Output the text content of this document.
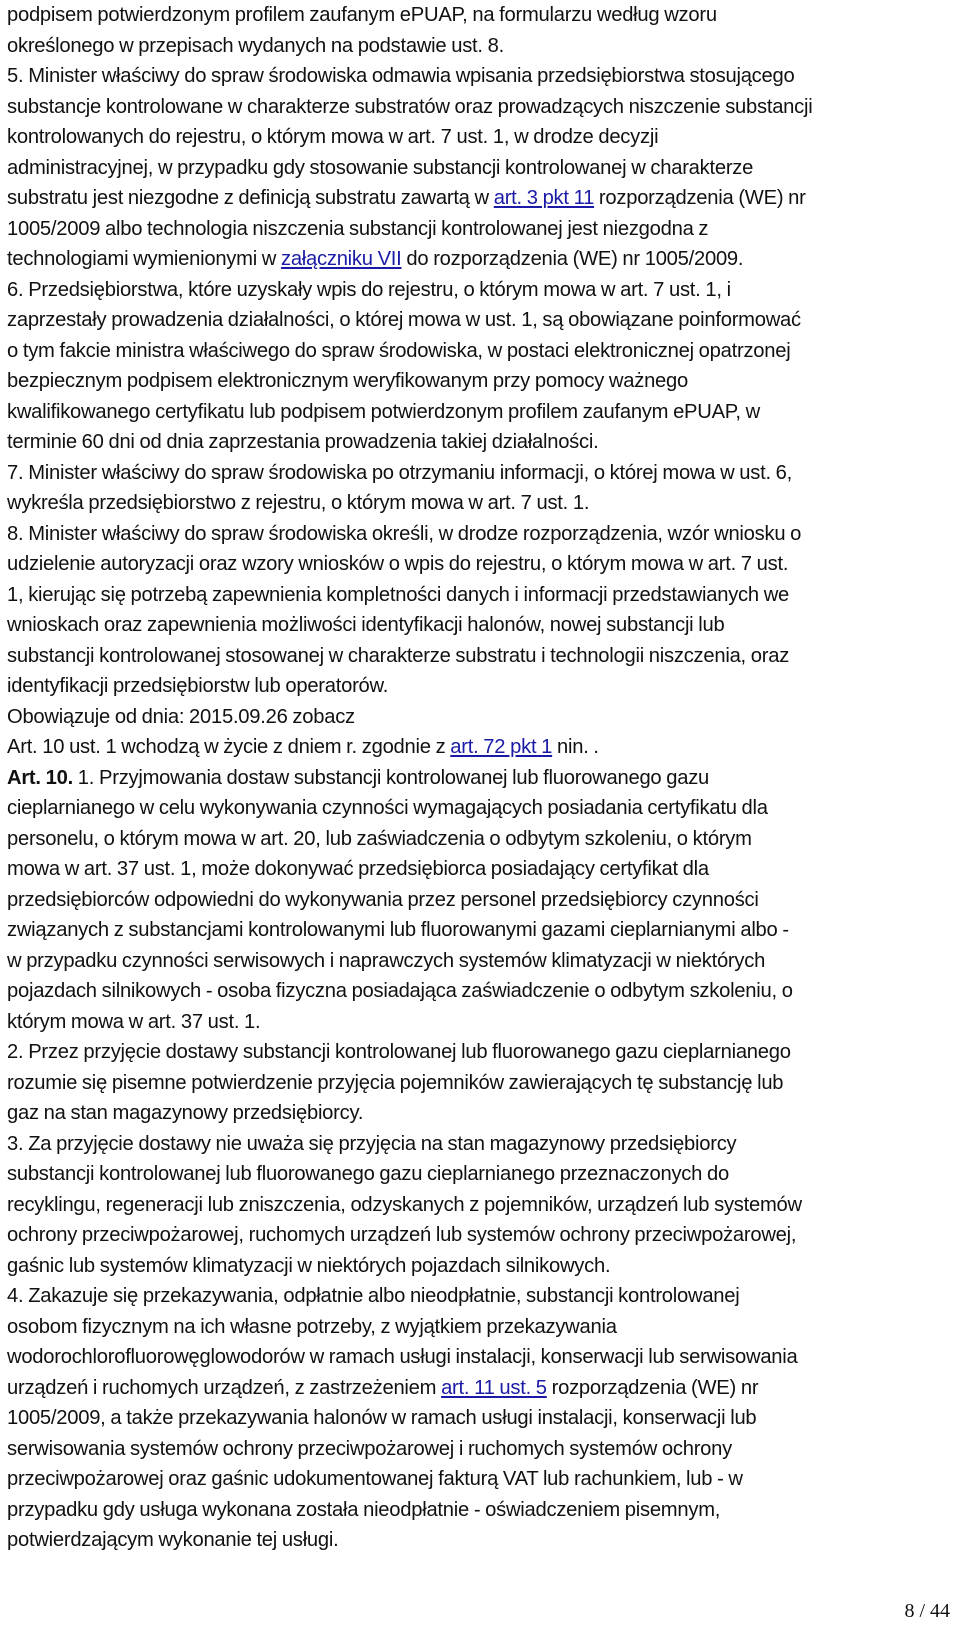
podpisem potwierdzonym profilem zaufanym ePUAP, na formularzu według wzoru
określonego w przepisach wydanych na podstawie ust. 8.
5. Minister właściwy do spraw środowiska odmawia wpisania przedsiębiorstwa stosującego
substancje kontrolowane w charakterze substratów oraz prowadzących niszczenie substancji
kontrolowanych do rejestru, o którym mowa w art. 7 ust. 1, w drodze decyzji
administracyjnej, w przypadku gdy stosowanie substancji kontrolowanej w charakterze
substratu jest niezgodne z definicją substratu zawartą w art. 3 pkt 11 rozporządzenia (WE) nr
1005/2009 albo technologia niszczenia substancji kontrolowanej jest niezgodna z
technologiami wymienionymi w załączniku VII do rozporządzenia (WE) nr 1005/2009.
6. Przedsiębiorstwa, które uzyskały wpis do rejestru, o którym mowa w art. 7 ust. 1, i
zaprzestały prowadzenia działalności, o której mowa w ust. 1, są obowiązane poinformować
o tym fakcie ministra właściwego do spraw środowiska, w postaci elektronicznej opatrzonej
bezpiecznym podpisem elektronicznym weryfikowanym przy pomocy ważnego
kwalifikowanego certyfikatu lub podpisem potwierdzonym profilem zaufanym ePUAP, w
terminie 60 dni od dnia zaprzestania prowadzenia takiej działalności.
7. Minister właściwy do spraw środowiska po otrzymaniu informacji, o której mowa w ust. 6,
wykreśla przedsiębiorstwo z rejestru, o którym mowa w art. 7 ust. 1.
8. Minister właściwy do spraw środowiska określi, w drodze rozporządzenia, wzór wniosku o
udzielenie autoryzacji oraz wzory wniosków o wpis do rejestru, o którym mowa w art. 7 ust.
1, kierując się potrzebą zapewnienia kompletności danych i informacji przedstawianych we
wnioskach oraz zapewnienia możliwości identyfikacji halonów, nowej substancji lub
substancji kontrolowanej stosowanej w charakterze substratu i technologii niszczenia, oraz
identyfikacji przedsiębiorstw lub operatorów.
Obowiązuje od dnia: 2015.09.26 zobacz
Art. 10 ust. 1 wchodzą w życie z dniem r. zgodnie z art. 72 pkt 1 nin. .
Art. 10. 1. Przyjmowania dostaw substancji kontrolowanej lub fluorowanego gazu
cieplarnianego w celu wykonywania czynności wymagających posiadania certyfikatu dla
personelu, o którym mowa w art. 20, lub zaświadczenia o odbytym szkoleniu, o którym
mowa w art. 37 ust. 1, może dokonywać przedsiębiorca posiadający certyfikat dla
przedsiębiorców odpowiedni do wykonywania przez personel przedsiębiorcy czynności
związanych z substancjami kontrolowanymi lub fluorowanymi gazami cieplarnianymi albo -
w przypadku czynności serwisowych i naprawczych systemów klimatyzacji w niektórych
pojazdach silnikowych - osoba fizyczna posiadająca zaświadczenie o odbytym szkoleniu, o
którym mowa w art. 37 ust. 1.
2. Przez przyjęcie dostawy substancji kontrolowanej lub fluorowanego gazu cieplarnianego
rozumie się pisemne potwierdzenie przyjęcia pojemników zawierających tę substancję lub
gaz na stan magazynowy przedsiębiorcy.
3. Za przyjęcie dostawy nie uważa się przyjęcia na stan magazynowy przedsiębiorcy
substancji kontrolowanej lub fluorowanego gazu cieplarnianego przeznaczonych do
recyklingu, regeneracji lub zniszczenia, odzyskanych z pojemników, urządzeń lub systemów
ochrony przeciwpożarowej, ruchomych urządzeń lub systemów ochrony przeciwpożarowej,
gaśnic lub systemów klimatyzacji w niektórych pojazdach silnikowych.
4. Zakazuje się przekazywania, odpłatnie albo nieodpłatnie, substancji kontrolowanej
osobom fizycznym na ich własne potrzeby, z wyjątkiem przekazywania
wodorochlorofluorowęglowodorów w ramach usługi instalacji, konserwacji lub serwisowania
urządzeń i ruchomych urządzeń, z zastrzeżeniem art. 11 ust. 5 rozporządzenia (WE) nr
1005/2009, a także przekazywania halonów w ramach usługi instalacji, konserwacji lub
serwisowania systemów ochrony przeciwpożarowej i ruchomych systemów ochrony
przeciwpożarowej oraz gaśnic udokumentowanej fakturą VAT lub rachunkiem, lub - w
przypadku gdy usługa wykonana została nieodpłatnie - oświadczeniem pisemnym,
potwierdzającym wykonanie tej usługi.
8 / 44
